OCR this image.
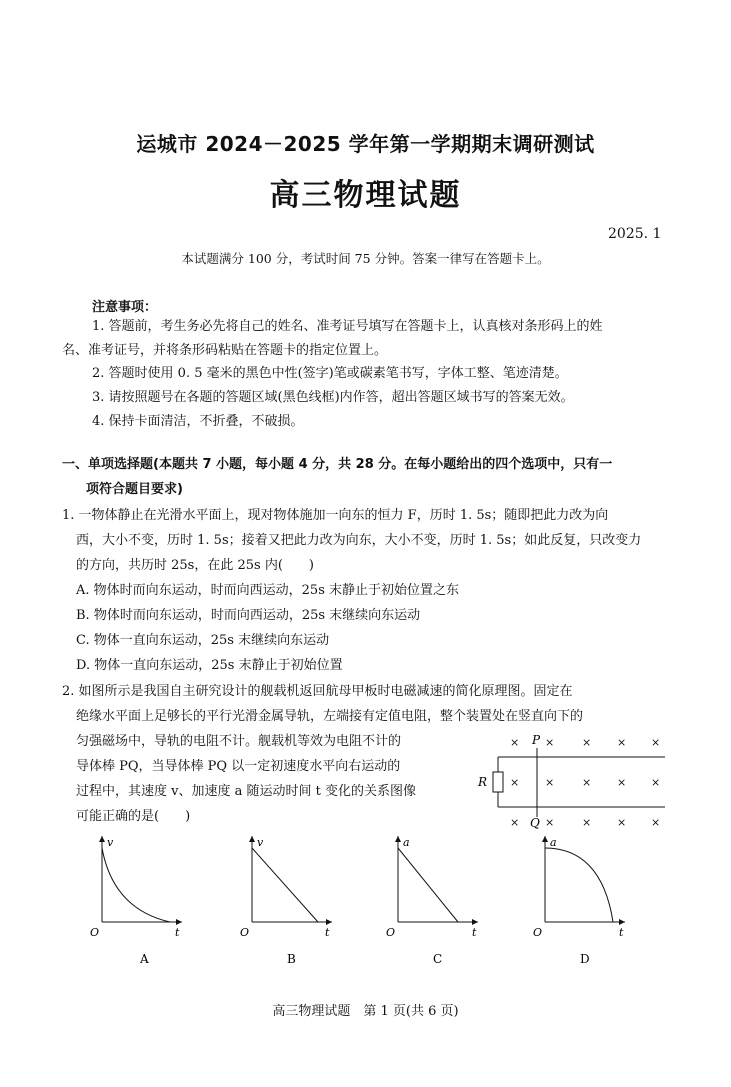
运城市 2024－2025 学年第一学期期末调研测试
高三物理试题
2025. 1
本试题满分 100 分，考试时间 75 分钟。答案一律写在答题卡上。
注意事项：
1. 答题前，考生务必先将自己的姓名、准考证号填写在答题卡上，认真核对条形码上的姓
名、准考证号，并将条形码粘贴在答题卡的指定位置上。
2. 答题时使用 0. 5 毫米的黑色中性(签字)笔或碳素笔书写，字体工整、笔迹清楚。
3. 请按照题号在各题的答题区域(黑色线框)内作答，超出答题区域书写的答案无效。
4. 保持卡面清洁，不折叠，不破损。
一、单项选择题(本题共 7 小题，每小题 4 分，共 28 分。在每小题给出的四个选项中，只有一
项符合题目要求)
1. 一物体静止在光滑水平面上，现对物体施加一向东的恒力 F，历时 1. 5s；随即把此力改为向
西，大小不变，历时 1. 5s；接着又把此力改为向东，大小不变，历时 1. 5s；如此反复，只改变力
的方向，共历时 25s，在此 25s 内(　　)
A. 物体时而向东运动，时而向西运动，25s 末静止于初始位置之东
B. 物体时而向东运动，时而向西运动，25s 末继续向东运动
C. 物体一直向东运动，25s 末继续向东运动
D. 物体一直向东运动，25s 末静止于初始位置
2. 如图所示是我国自主研究设计的舰载机返回航母甲板时电磁减速的简化原理图。固定在
绝缘水平面上足够长的平行光滑金属导轨，左端接有定值电阻，整个装置处在竖直向下的
匀强磁场中，导轨的电阻不计。舰载机等效为电阻不计的
导体棒 PQ，当导体棒 PQ 以一定初速度水平向右运动的
过程中，其速度 v、加速度 a 随运动时间 t 变化的关系图像
可能正确的是(　　)
R
P
Q
× ×	× × ×
× ×	× × ×
× ×	× × ×
v
t
O
A
v
t
O
B
a
t
O
C
a
t
O
D
高三物理试题　第 1 页(共 6 页)
